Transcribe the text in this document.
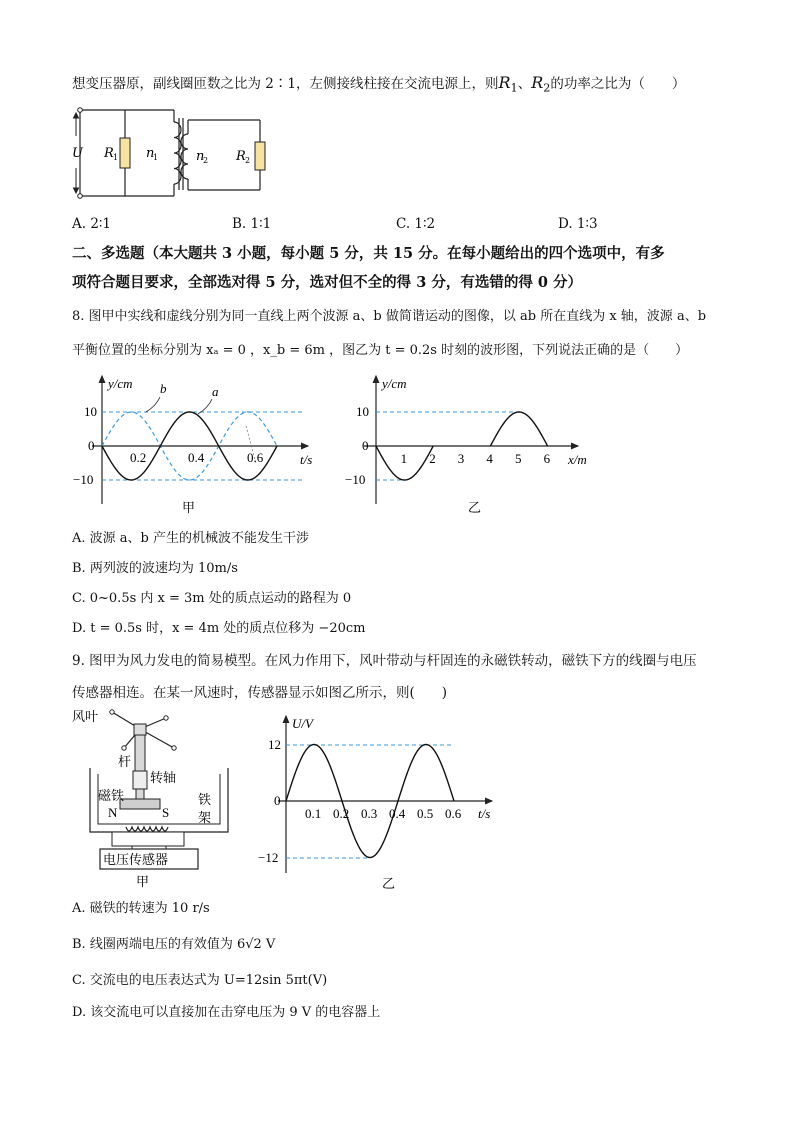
想变压器原，副线圈匝数之比为 2∶1，左侧接线柱接在交流电源上，则$R_1$、$R_2$的功率之比为（　　）
U R 1 n
1	n
2 R 2
A. 2∶1	B. 1∶1	C. 1∶2	D. 1∶3
二、多选题（本大题共 3 小题，每小题 5 分，共 15 分。在每小题给出的四个选项中，有多
项符合题目要求，全部选对得 5 分，选对但不全的得 3 分，有选错的得 0 分）
8. 图甲中实线和虚线分别为同一直线上两个波源 a、b 做简谐运动的图像，以 ab 所在直线为 x 轴，波源 a、b
平衡位置的坐标分别为 xₐ = 0 ，x_b = 6m ，图乙为 t = 0.2s 时刻的波形图，下列说法正确的是（　　）
y/cm
t/s
10
0
−10
0.2	0.4	0.6
b	a
甲
y/cm
x/m
10
0
−10
1 2 3 4 5 6
乙
A. 波源 a、b 产生的机械波不能发生干涉
B. 两列波的波速均为 10m/s
C. 0~0.5s 内 x = 3m 处的质点运动的路程为 0
D. t = 0.5s 时，x = 4m 处的质点位移为 −20cm
9. 图甲为风力发电的简易模型。在风力作用下，风叶带动与杆固连的永磁铁转动，磁铁下方的线圈与电压
传感器相连。在某一风速时，传感器显示如图乙所示，则(　　)
电压传感器
风叶
杆
转轴
磁铁
N	S
铁
架
甲
U/V
t/s
12
0
−12
0.1 0.2 0.3 0.4 0.5 0.6
乙
A. 磁铁的转速为 10 r/s
B. 线圈两端电压的有效值为 6√2 V
C. 交流电的电压表达式为 U=12sin 5πt(V)
D. 该交流电可以直接加在击穿电压为 9 V 的电容器上
